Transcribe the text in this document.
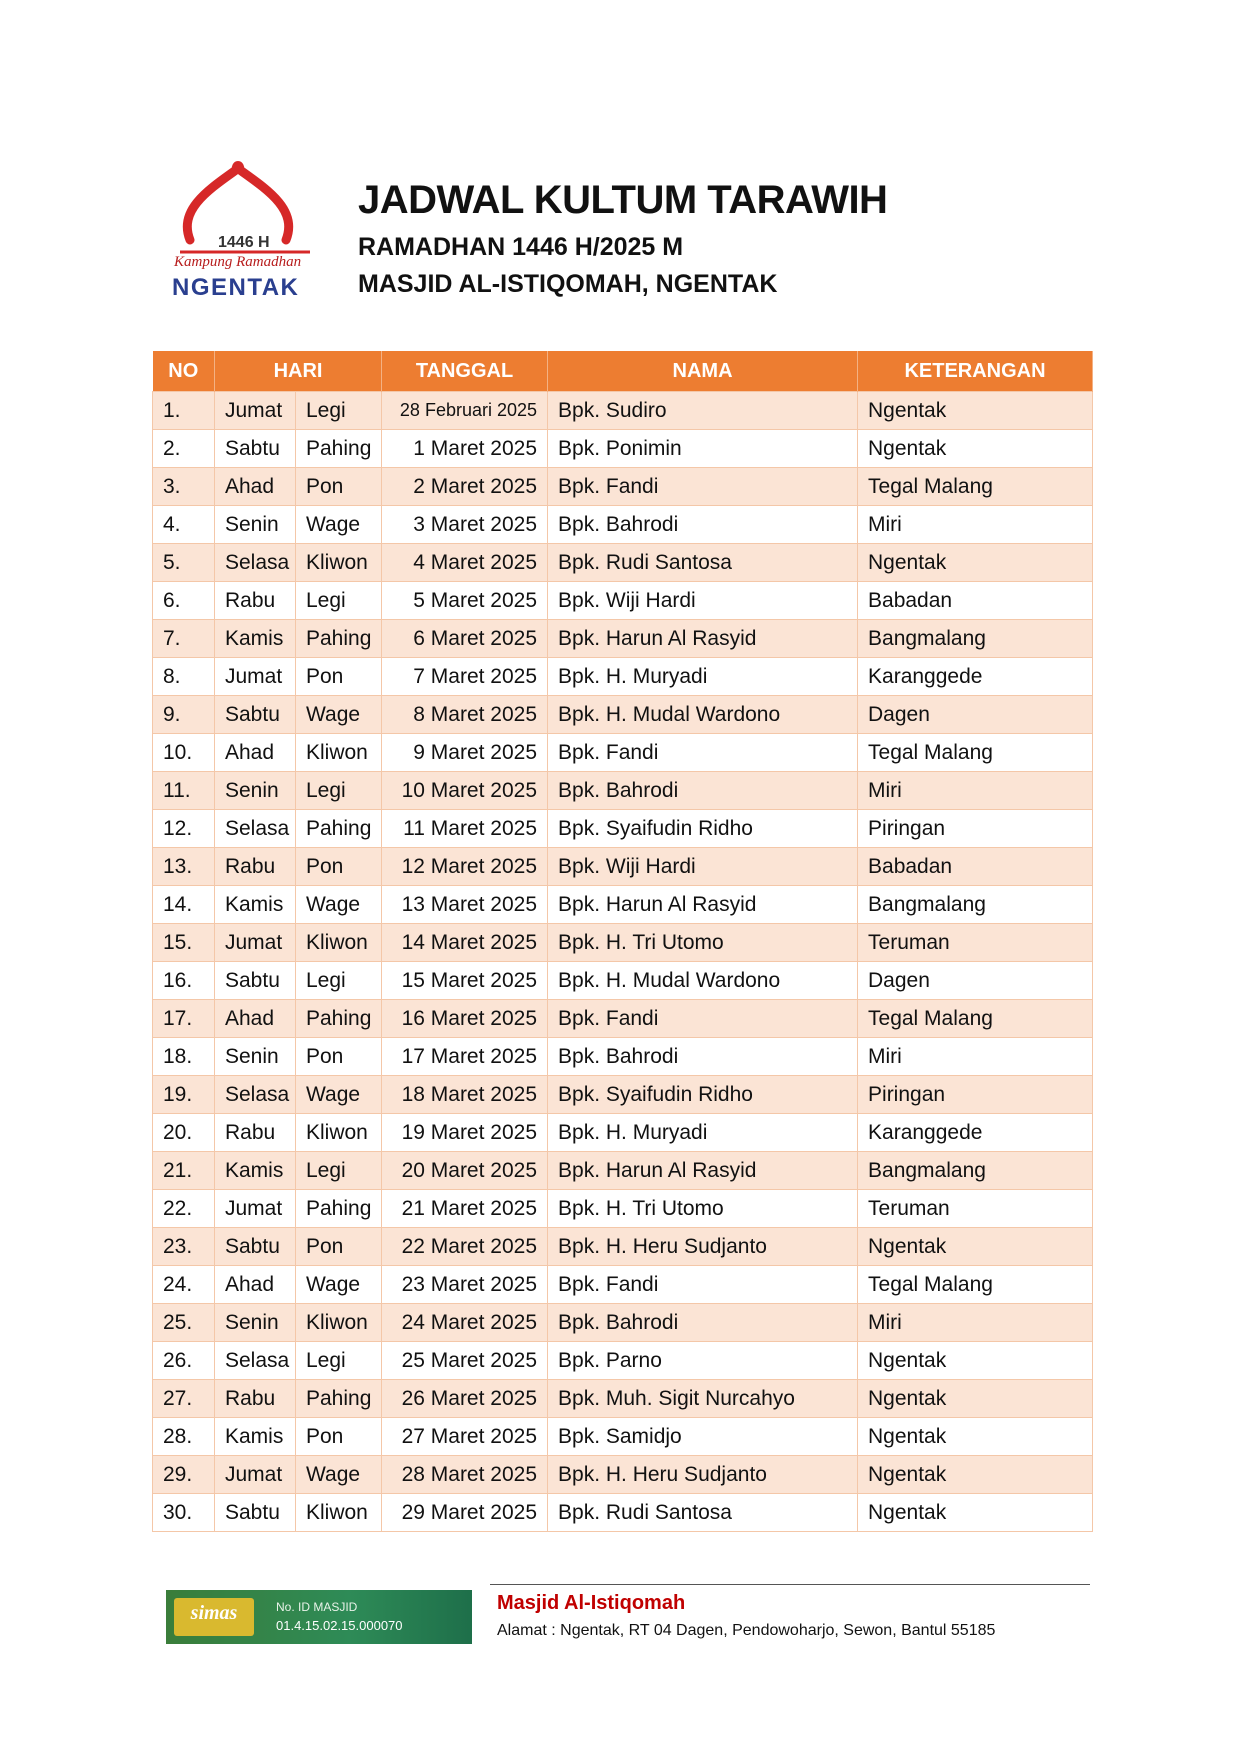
1446 H
Kampung Ramadhan
NGENTAK
JADWAL KULTUM TARAWIH
RAMADHAN 1446 H/2025 M
MASJID AL-ISTIQOMAH, NGENTAK
NO	HARI		TANGGAL	NAMA	KETERANGAN
1.	Jumat	Legi	28 Februari 2025	Bpk. Sudiro	Ngentak
2.	Sabtu	Pahing	1 Maret 2025	Bpk. Ponimin	Ngentak
3.	Ahad	Pon	2 Maret 2025	Bpk. Fandi	Tegal Malang
4.	Senin	Wage	3 Maret 2025	Bpk. Bahrodi	Miri
5.	Selasa	Kliwon	4 Maret 2025	Bpk. Rudi Santosa	Ngentak
6.	Rabu	Legi	5 Maret 2025	Bpk. Wiji Hardi	Babadan
7.	Kamis	Pahing	6 Maret 2025	Bpk. Harun Al Rasyid	Bangmalang
8.	Jumat	Pon	7 Maret 2025	Bpk. H. Muryadi	Karanggede
9.	Sabtu	Wage	8 Maret 2025	Bpk. H. Mudal Wardono	Dagen
10.	Ahad	Kliwon	9 Maret 2025	Bpk. Fandi	Tegal Malang
11.	Senin	Legi	10 Maret 2025	Bpk. Bahrodi	Miri
12.	Selasa	Pahing	11 Maret 2025	Bpk. Syaifudin Ridho	Piringan
13.	Rabu	Pon	12 Maret 2025	Bpk. Wiji Hardi	Babadan
14.	Kamis	Wage	13 Maret 2025	Bpk. Harun Al Rasyid	Bangmalang
15.	Jumat	Kliwon	14 Maret 2025	Bpk. H. Tri Utomo	Teruman
16.	Sabtu	Legi	15 Maret 2025	Bpk. H. Mudal Wardono	Dagen
17.	Ahad	Pahing	16 Maret 2025	Bpk. Fandi	Tegal Malang
18.	Senin	Pon	17 Maret 2025	Bpk. Bahrodi	Miri
19.	Selasa	Wage	18 Maret 2025	Bpk. Syaifudin Ridho	Piringan
20.	Rabu	Kliwon	19 Maret 2025	Bpk. H. Muryadi	Karanggede
21.	Kamis	Legi	20 Maret 2025	Bpk. Harun Al Rasyid	Bangmalang
22.	Jumat	Pahing	21 Maret 2025	Bpk. H. Tri Utomo	Teruman
23.	Sabtu	Pon	22 Maret 2025	Bpk. H. Heru Sudjanto	Ngentak
24.	Ahad	Wage	23 Maret 2025	Bpk. Fandi	Tegal Malang
25.	Senin	Kliwon	24 Maret 2025	Bpk. Bahrodi	Miri
26.	Selasa	Legi	25 Maret 2025	Bpk. Parno	Ngentak
27.	Rabu	Pahing	26 Maret 2025	Bpk. Muh. Sigit Nurcahyo	Ngentak
28.	Kamis	Pon	27 Maret 2025	Bpk. Samidjo	Ngentak
29.	Jumat	Wage	28 Maret 2025	Bpk. H. Heru Sudjanto	Ngentak
30.	Sabtu	Kliwon	29 Maret 2025	Bpk. Rudi Santosa	Ngentak
simas	No. ID MASJID
01.4.15.02.15.000070
Masjid Al-Istiqomah
Alamat : Ngentak, RT 04 Dagen, Pendowoharjo, Sewon, Bantul 55185
